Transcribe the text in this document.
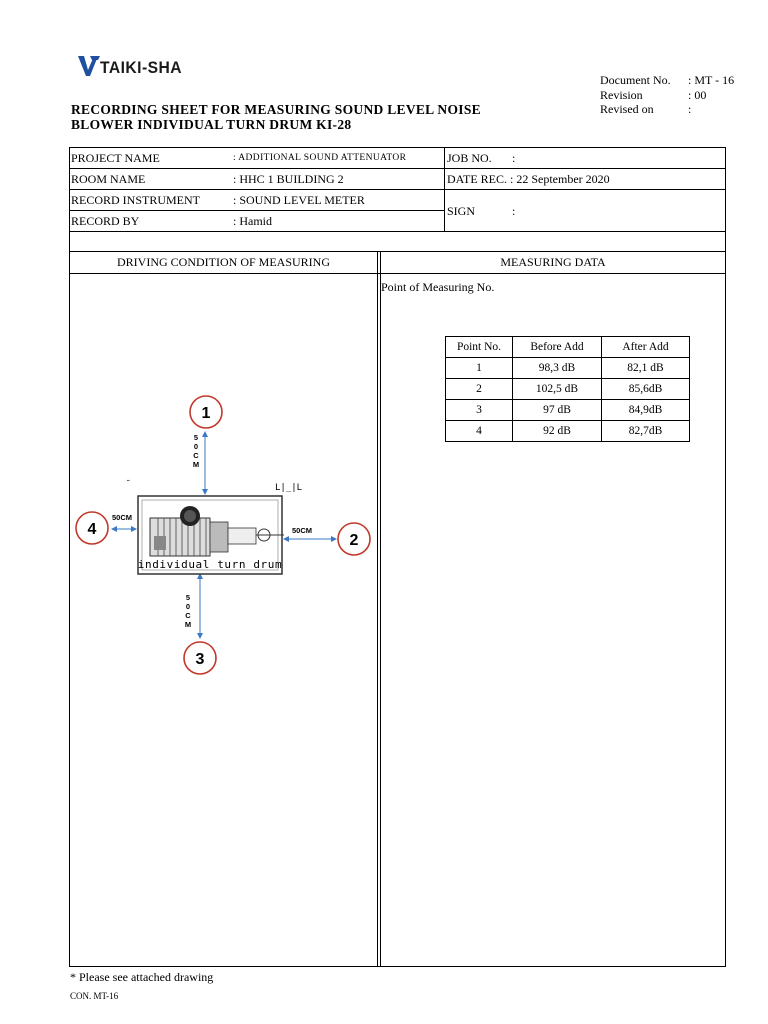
TAIKI-SHA
Document No.	: MT - 16
Revision	: 00
Revised on	:
RECORDING SHEET FOR MEASURING SOUND LEVEL NOISE
BLOWER INDIVIDUAL TURN DRUM KI-28
PROJECT NAME	: ADDITIONAL SOUND ATTENUATOR	JOB NO. :
ROOM NAME	: HHC 1 BUILDING 2	DATE REC. : 22 September 2020
RECORD INSTRUMENT	: SOUND LEVEL METER
SIGN	:
RECORD BY	: Hamid
DRIVING CONDITION OF MEASURING	MEASURING DATA
Point of Measuring No.
Point No.	Before Add	After Add
1	98,3 dB	82,1 dB
2	102,5 dB	85,6dB
3	97 dB	84,9dB
4	92 dB	82,7dB
1
2
3
4
5
0
C
M
5
0
C
M
50CM
50CM
individual turn drum
L|_|L
˘
* Please see attached drawing
CON. MT-16
